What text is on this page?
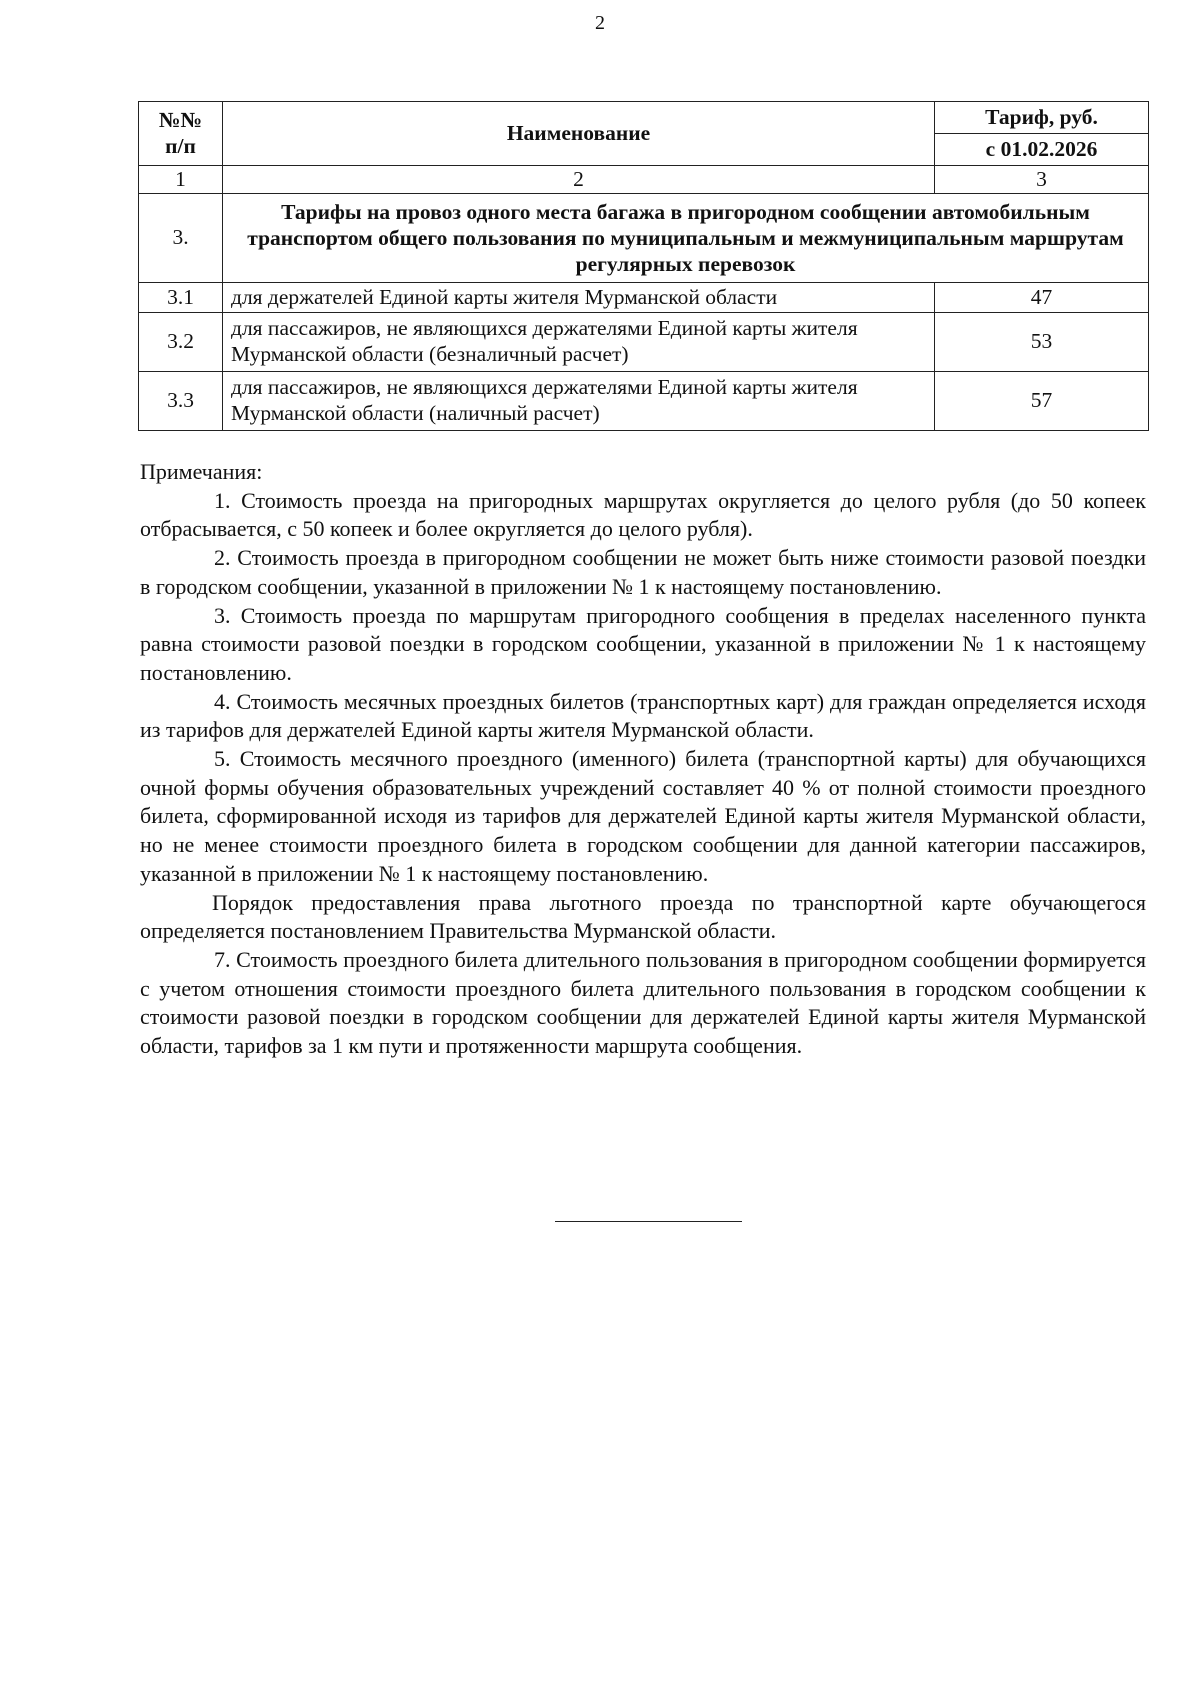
2
№№
п/п	Наименование	Тариф, руб.
		с 01.02.2026
1	2	3
3.	Тарифы на провоз одного места багажа в пригородном сообщении автомобильным транспортом общего пользования по муниципальным и межмуниципальным маршрутам регулярных перевозок	
3.1	для держателей Единой карты жителя Мурманской области	47
3.2	для пассажиров, не являющихся держателями Единой карты жителя Мурманской области (безналичный расчет)	53
3.3	для пассажиров, не являющихся держателями Единой карты жителя Мурманской области (наличный расчет)	57

Примечания:

1. Стоимость проезда на пригородных маршрутах округляется до целого рубля (до 50 копеек отбрасывается, с 50 копеек и более округляется до целого рубля).

2. Стоимость проезда в пригородном сообщении не может быть ниже стоимости разовой поездки в городском сообщении, указанной в приложении № 1 к настоящему постановлению.

3. Стоимость проезда по маршрутам пригородного сообщения в пределах населенного пункта равна стоимости разовой поездки в городском сообщении, указанной в приложении № 1 к настоящему постановлению.

4. Стоимость месячных проездных билетов (транспортных карт) для граждан определяется исходя из тарифов для держателей Единой карты жителя Мурманской области.

5. Стоимость месячного проездного (именного) билета (транспортной карты) для обучающихся очной формы обучения образовательных учреждений составляет 40 % от полной стоимости проездного билета, сформированной исходя из тарифов для держателей Единой карты жителя Мурманской области, но не менее стоимости проездного билета в городском сообщении для данной категории пассажиров, указанной в приложении № 1 к настоящему постановлению.

Порядок предоставления права льготного проезда по транспортной карте обучающегося определяется постановлением Правительства Мурманской области.

7. Стоимость проездного билета длительного пользования в пригородном сообщении формируется с учетом отношения стоимости проездного билета длительного пользования в городском сообщении к стоимости разовой поездки в городском сообщении для держателей Единой карты жителя Мурманской области, тарифов за 1 км пути и протяженности маршрута сообщения.
